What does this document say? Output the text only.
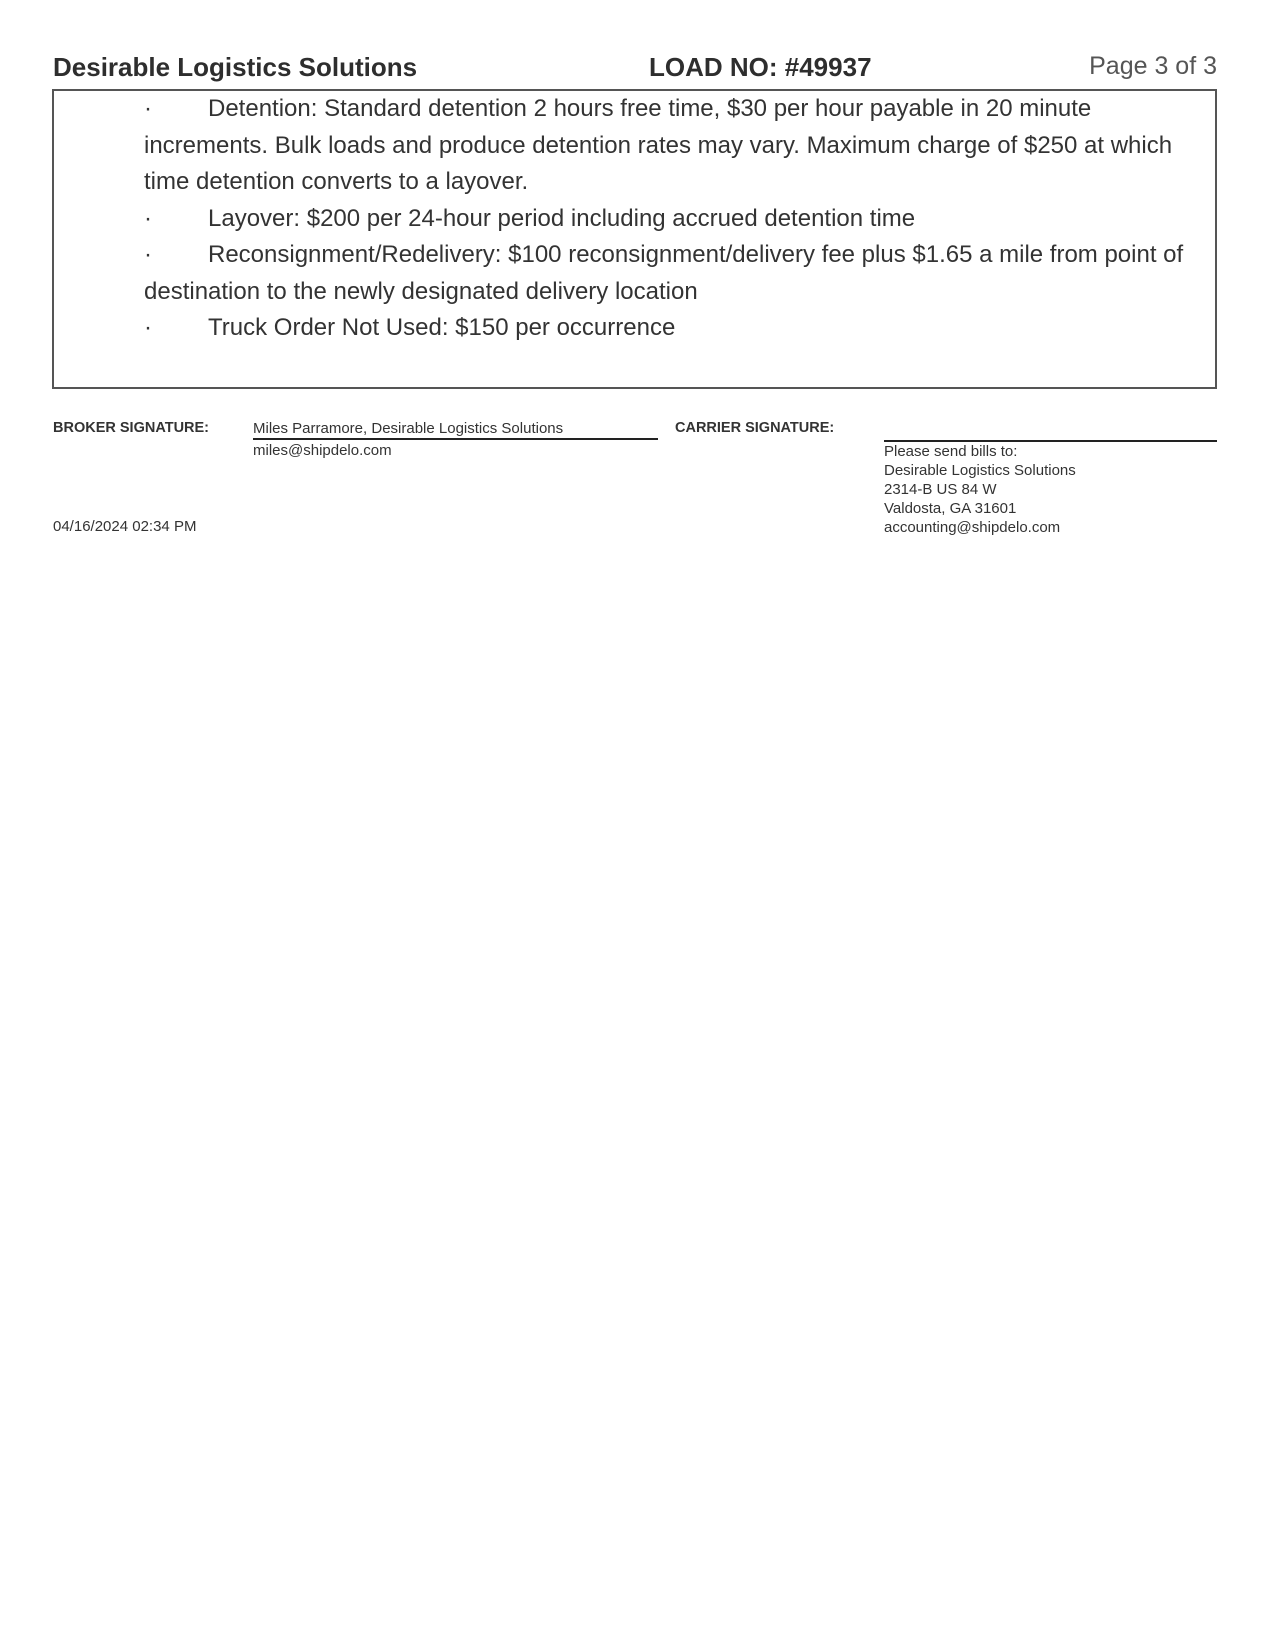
Desirable Logistics Solutions	LOAD NO: #49937	Page 3 of 3
· Detention: Standard detention 2 hours free time, $30 per hour payable in 20 minute increments. Bulk loads and produce detention rates may vary. Maximum charge of $250 at which time detention converts to a layover.
· Layover: $200 per 24-hour period including accrued detention time
· Reconsignment/Redelivery: $100 reconsignment/delivery fee plus $1.65 a mile from point of destination to the newly designated delivery location
· Truck Order Not Used: $150 per occurrence
BROKER SIGNATURE:	Miles Parramore, Desirable Logistics Solutions
miles@shipdelo.com
CARRIER SIGNATURE:
Please send bills to:
Desirable Logistics Solutions
2314-B US 84 W
Valdosta, GA 31601
accounting@shipdelo.com
04/16/2024 02:34 PM
